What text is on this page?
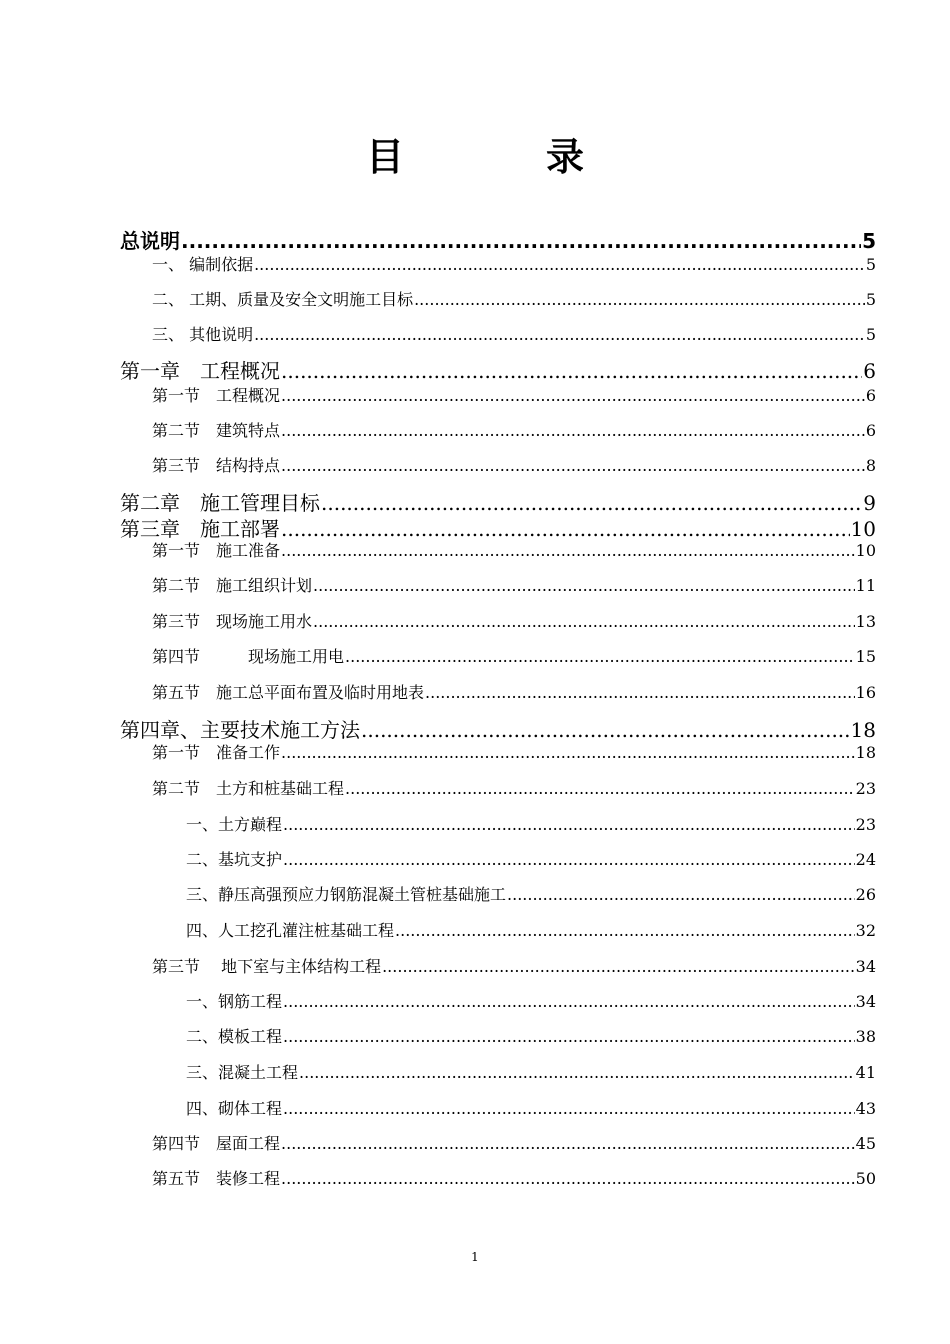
目　录
总说明 .....	5
一、 编制依据 .....	5
二、 工期、质量及安全文明施工目标 .....	5
三、 其他说明 .....	5
第一章　工程概况 .....	6
第一节　工程概况 .....	6
第二节　建筑特点 .....	6
第三节　结构持点 .....	8
第二章　施工管理目标 .....	9
第三章　施工部署 .....	10
第一节　施工准备 .....	10
第二节　施工组织计划 .....	11
第三节　现场施工用水 .....	13
第四节　　　现场施工用电 .....	15
第五节　施工总平面布置及临时用地表 .....	16
第四章、主要技术施工方法 .....	18
第一节　准备工作 .....	18
第二节　土方和桩基础工程 .....	23
一、土方巅程 .....	23
二、基坑支护 .....	24
三、静压高强预应力钢筋混凝土管桩基础施工 .....	26
四、人工挖孔灌注桩基础工程 .....	32
第三节　 地下室与主体结构工程 .....	34
一、钢筋工程 .....	34
二、模板工程 .....	38
三、混凝土工程 .....	41
四、砌体工程 .....	43
第四节　屋面工程 .....	45
第五节　装修工程 .....	50
1
